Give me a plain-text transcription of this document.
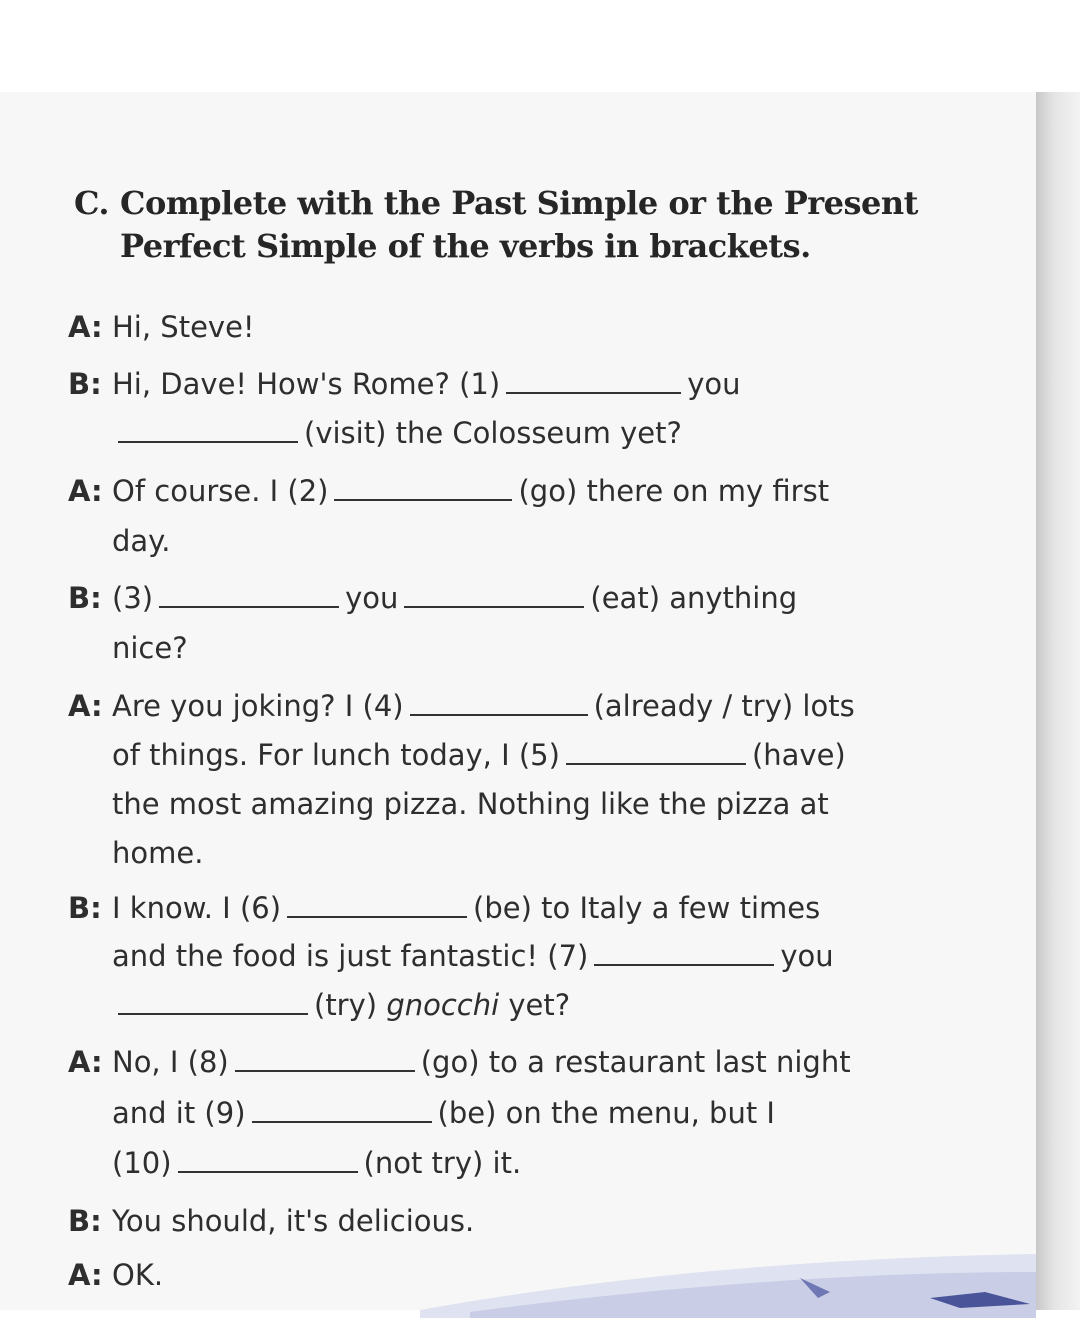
C. Complete with the Past Simple or the Present
Perfect Simple of the verbs in brackets.
A: Hi, Steve!
B: Hi, Dave! How's Rome? (1)	you
(visit) the Colosseum yet?
A: Of course. I (2)	(go) there on my first
day.
B: (3)	you	(eat) anything
nice?
A: Are you joking? I (4)	(already / try) lots
of things. For lunch today, I (5)	(have)
the most amazing pizza. Nothing like the pizza at
home.
B: I know. I (6)	(be) to Italy a few times
and the food is just fantastic! (7)	you
(try) gnocchi yet?
A: No, I (8)	(go) to a restaurant last night
and it (9)	(be) on the menu, but I
(10)	(not try) it.
B: You should, it's delicious.
A: OK.
